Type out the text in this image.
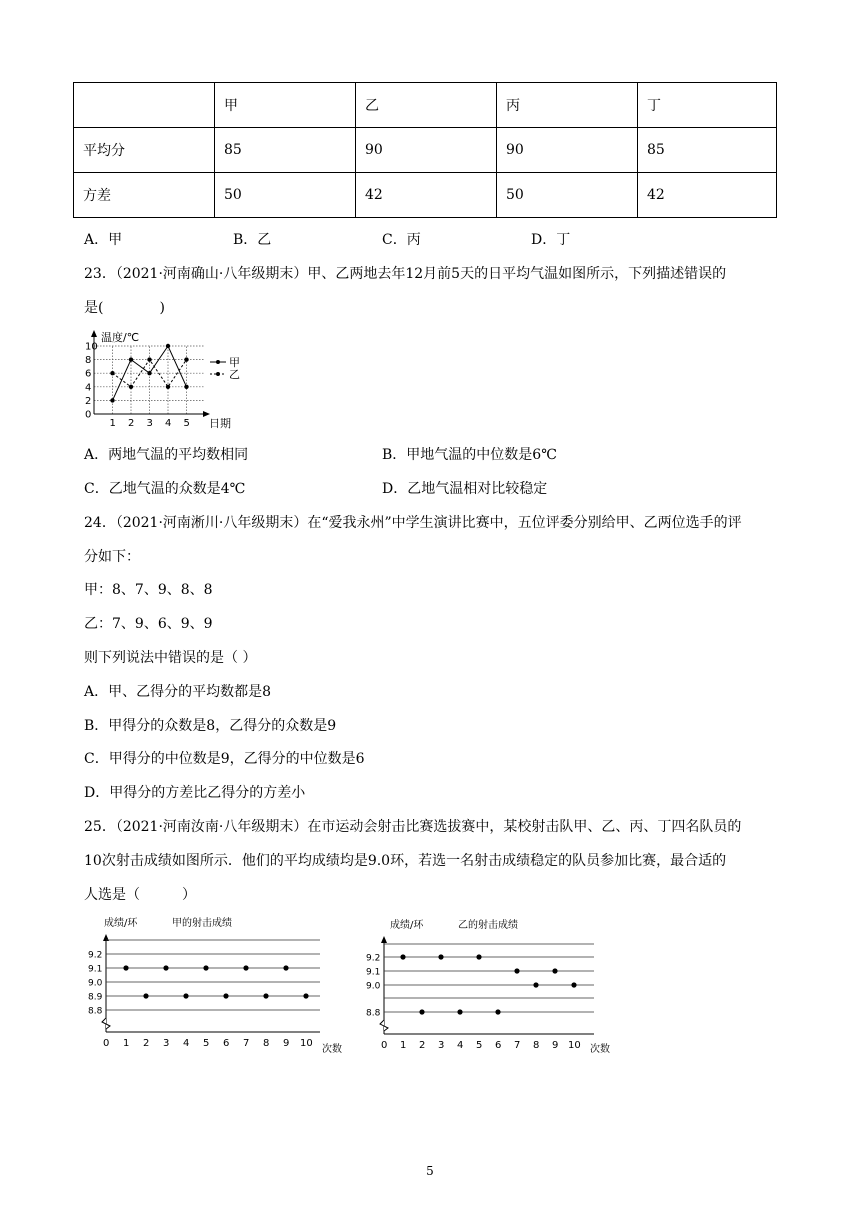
	甲	乙	丙	丁
平均分	85	90	90	85
方差	50	42	50	42
A．甲	B．乙	C．丙	D．丁
23．（2021·河南确山·八年级期末）甲、乙两地去年12月前5天的日平均气温如图所示，下列描述错误的
是(　　　　)
温度/℃
日期
0
2
4
6
8
10
1 2 3 4 5
甲
乙
A．两地气温的平均数相同	B．甲地气温的中位数是6℃
C．乙地气温的众数是4℃	D．乙地气温相对比较稳定
24．（2021·河南淅川·八年级期末）在“爱我永州”中学生演讲比赛中，五位评委分别给甲、乙两位选手的评
分如下：
甲：8、7、9、8、8
乙：7、9、6、9、9
则下列说法中错误的是（ ）
A．甲、乙得分的平均数都是8
B．甲得分的众数是8，乙得分的众数是9
C．甲得分的中位数是9，乙得分的中位数是6
D．甲得分的方差比乙得分的方差小
25．（2021·河南汝南·八年级期末）在市运动会射击比赛选拔赛中，某校射击队甲、乙、丙、丁四名队员的
10次射击成绩如图所示．他们的平均成绩均是9.0环，若选一名射击成绩稳定的队员参加比赛，最合适的
人选是（　　　）
成绩/环	甲的射击成绩
次数
0 1 2 3 4 5 6 7 8 9 10
8.8
8.9
9.0
9.1
9.2
成绩/环	乙的射击成绩
次数
8.8
9.0
9.1
9.2
0 1 2 3 4 5 6 7 8 9 10
5
